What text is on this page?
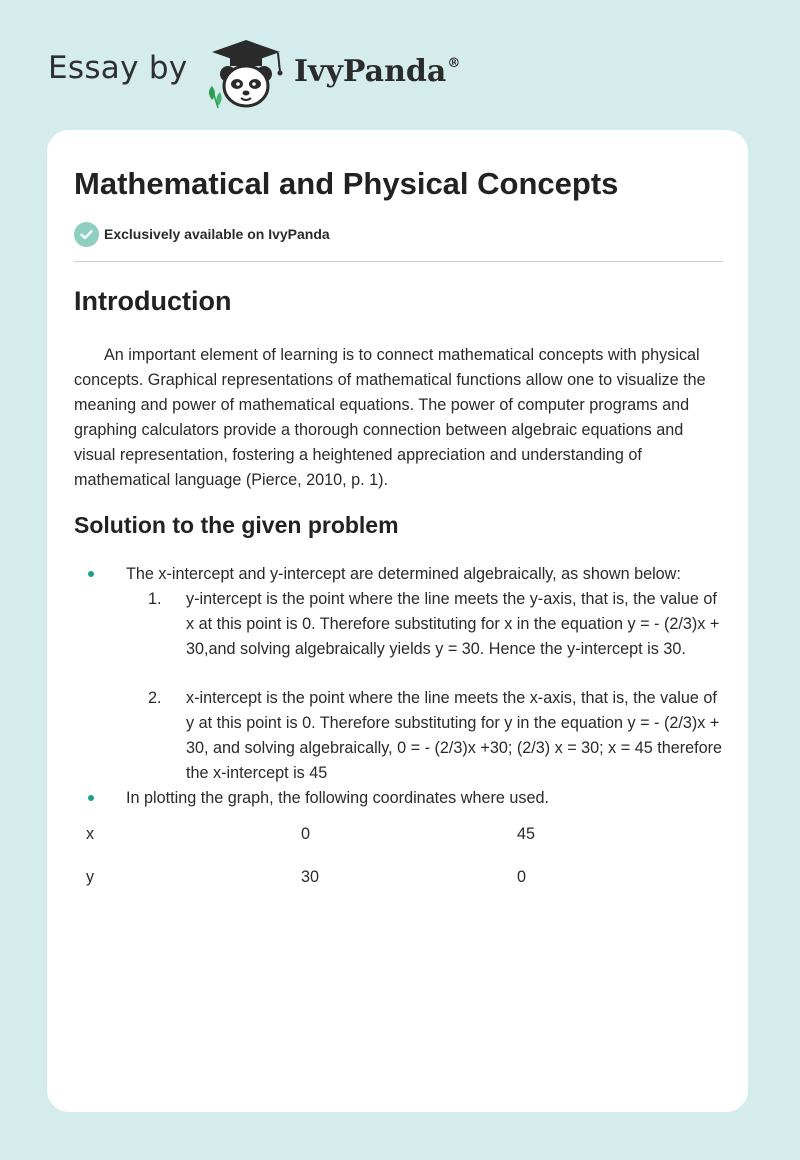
Essay by	IvyPanda®
Mathematical and Physical Concepts
Exclusively available on IvyPanda
Introduction

An important element of learning is to connect mathematical concepts with physical concepts. Graphical representations of mathematical functions allow one to visualize the meaning and power of mathematical equations. The power of computer programs and graphing calculators provide a thorough connection between algebraic equations and visual representation, fostering a heightened appreciation and understanding of mathematical language (Pierce, 2010, p. 1).

Solution to the given problem
The x-intercept and y-intercept are determined algebraically, as shown below:
1. y-intercept is the point where the line meets the y-axis, that is, the value of x at this point is 0. Therefore substituting for x in the equation y = - (2/3)x + 30,and solving algebraically yields y = 30. Hence the y-intercept is 30.
2. x-intercept is the point where the line meets the x-axis, that is, the value of y at this point is 0. Therefore substituting for y in the equation y = - (2/3)x + 30, and solving algebraically, 0 = - (2/3)x +30; (2/3) x = 30; x = 45 therefore the x-intercept is 45
In plotting the graph, the following coordinates where used.
x	0	45
y	30	0
